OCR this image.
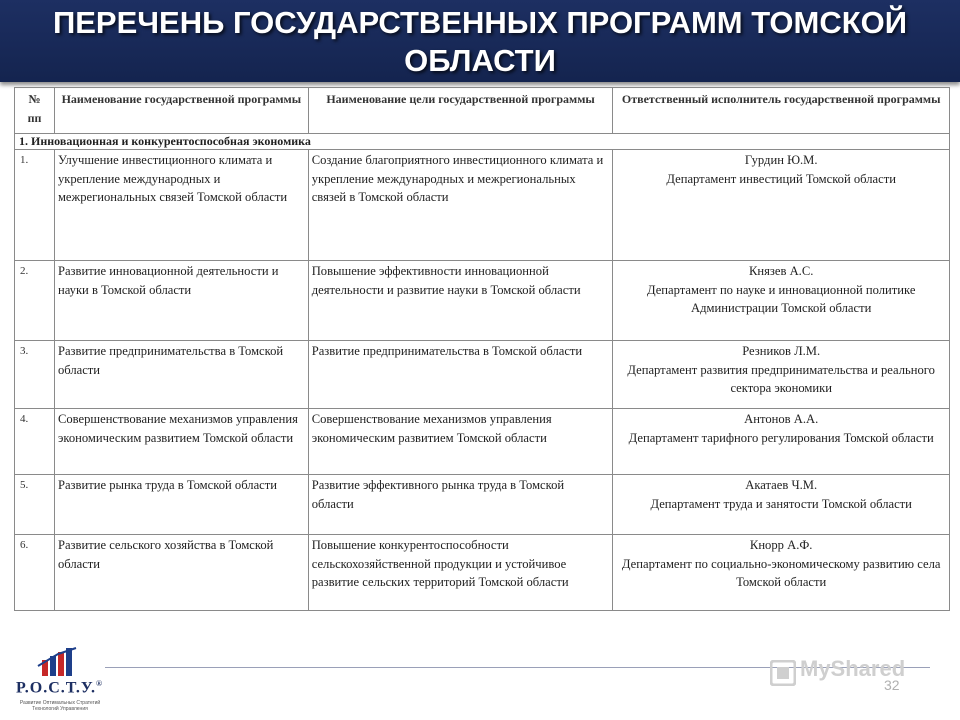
ПЕРЕЧЕНЬ ГОСУДАРСТВЕННЫХ ПРОГРАММ ТОМСКОЙ
ОБЛАСТИ
№
пп	Наименование государственной программы	Наименование цели государственной программы	Ответственный исполнитель государственной программы
1. Инновационная и конкурентоспособная экономика			
1.	Улучшение инвестиционного климата и укрепление международных и межрегиональных связей Томской области	Создание благоприятного инвестиционного климата и укрепление международных и межрегиональных связей в Томской области	Гурдин Ю.М.
Департамент инвестиций Томской области

2.	Развитие инновационной деятельности и науки в Томской области	Повышение эффективности инновационной деятельности и развитие науки в Томской области	Князев А.С.
Департамент по науке и инновационной политике Администрации Томской области

3.	Развитие предпринимательства в Томской области	Развитие предпринимательства в Томской области	Резников Л.М.
Департамент развития предпринимательства и реального сектора экономики

4.	Совершенствование механизмов управления экономическим развитием Томской области	Совершенствование механизмов управления экономическим развитием Томской области	Антонов А.А.
Департамент тарифного регулирования Томской области

5.	Развитие рынка труда в Томской области	Развитие эффективного рынка труда в Томской области	Акатаев Ч.М.
Департамент труда и занятости Томской области

6.	Развитие сельского хозяйства в Томской области	Повышение конкурентоспособности сельскохозяйственной продукции и устойчивое развитие сельских территорий Томской области	Кнорр А.Ф.
Департамент по социально-экономическому развитию села Томской области
Р.О.С.Т.У.®
Развитие Оптимальных Стратегий Технологий Управления
MyShared
32
